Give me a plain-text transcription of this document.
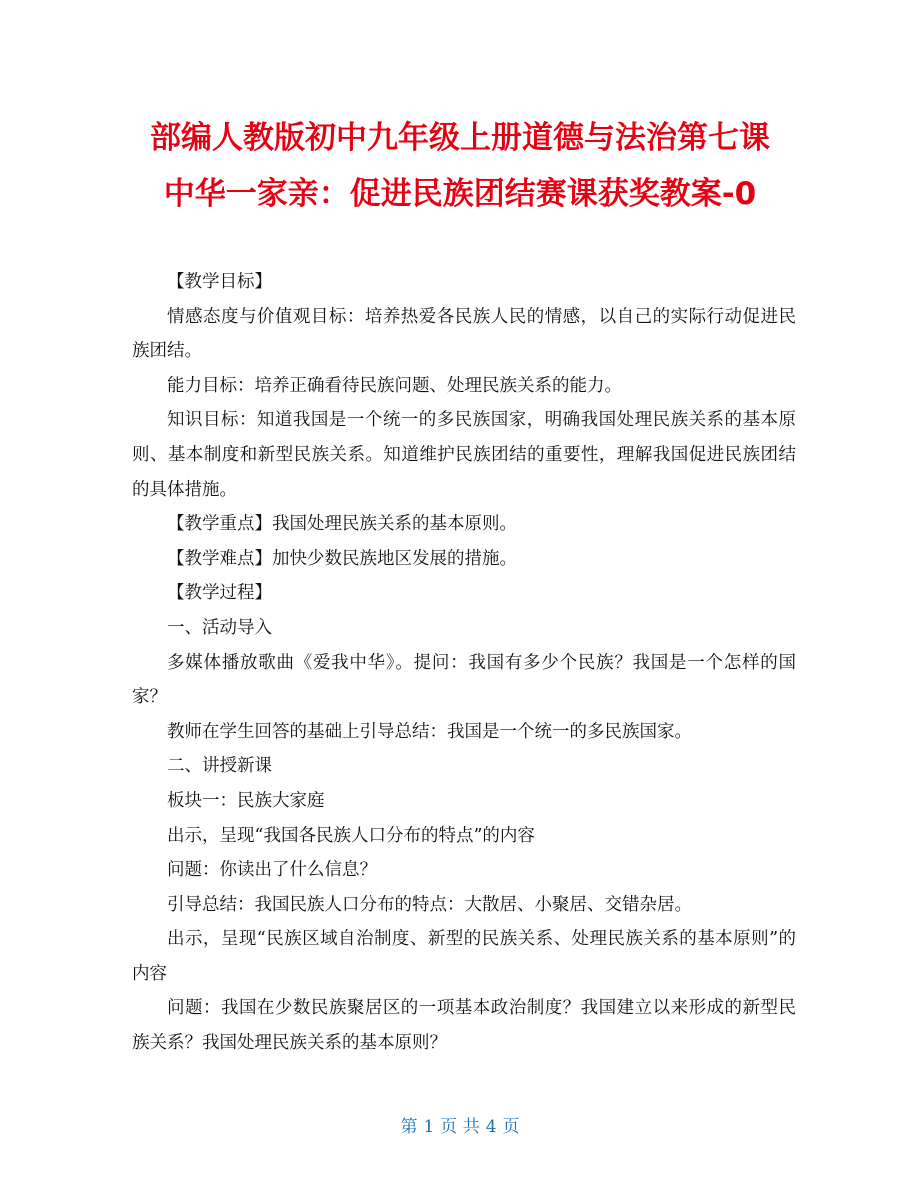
部编人教版初中九年级上册道德与法治第七课
中华一家亲：促进民族团结赛课获奖教案-0

【教学目标】

情感态度与价值观目标：培养热爱各民族人民的情感，以自己的实际行动促进民族团结。

能力目标：培养正确看待民族问题、处理民族关系的能力。

知识目标：知道我国是一个统一的多民族国家，明确我国处理民族关系的基本原则、基本制度和新型民族关系。知道维护民族团结的重要性，理解我国促进民族团结的具体措施。

【教学重点】我国处理民族关系的基本原则。

【教学难点】加快少数民族地区发展的措施。

【教学过程】

一、活动导入

多媒体播放歌曲《爱我中华》。提问：我国有多少个民族？我国是一个怎样的国家？

教师在学生回答的基础上引导总结：我国是一个统一的多民族国家。

二、讲授新课

板块一：民族大家庭

出示，呈现“我国各民族人口分布的特点”的内容

问题：你读出了什么信息？

引导总结：我国民族人口分布的特点：大散居、小聚居、交错杂居。

出示，呈现“民族区域自治制度、新型的民族关系、处理民族关系的基本原则”的内容

问题：我国在少数民族聚居区的一项基本政治制度？我国建立以来形成的新型民族关系？我国处理民族关系的基本原则？

第 1 页 共 4 页
